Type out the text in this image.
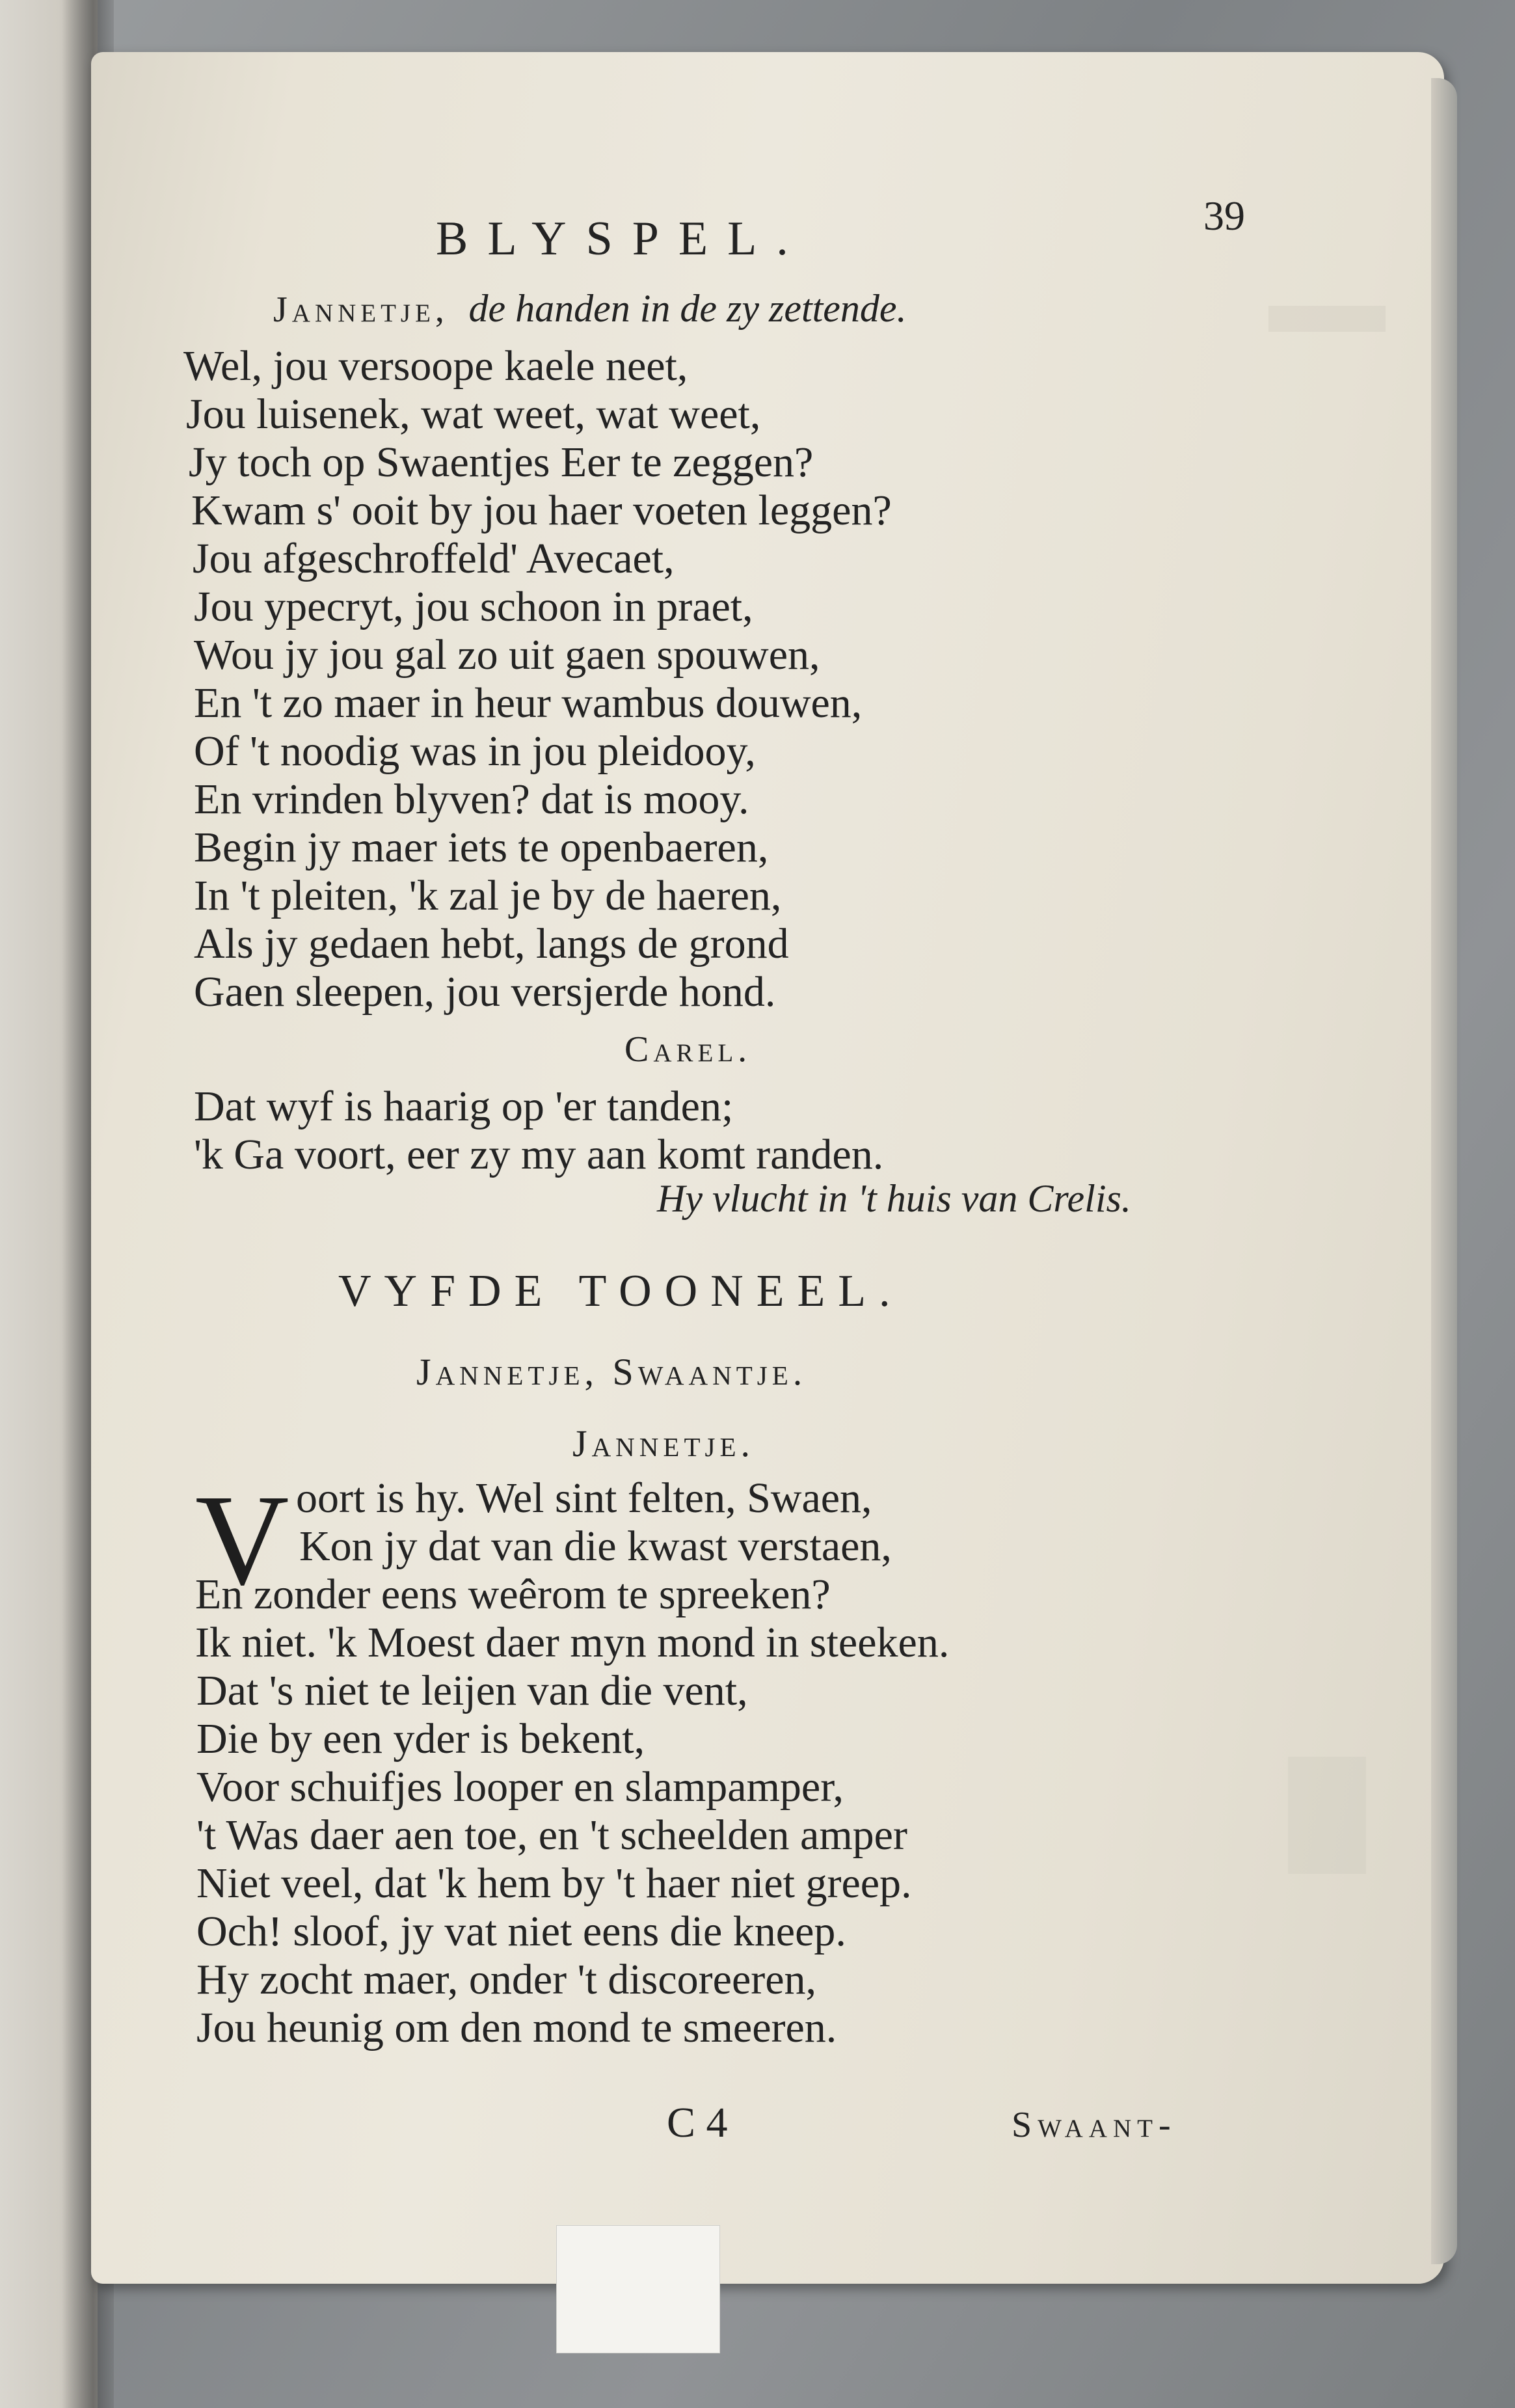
BLYSPEL.	39
Jannetje, de handen in de zy zettende.
Wel, jou versoope kaele neet,
Jou luisenek, wat weet, wat weet,
Jy toch op Swaentjes Eer te zeggen?
Kwam s' ooit by jou haer voeten leggen?
Jou afgeschroffeld' Avecaet,
Jou ypecryt, jou schoon in praet,
Wou jy jou gal zo uit gaen spouwen,
En 't zo maer in heur wambus douwen,
Of 't noodig was in jou pleidooy,
En vrinden blyven? dat is mooy.
Begin jy maer iets te openbaeren,
In 't pleiten, 'k zal je by de haeren,
Als jy gedaen hebt, langs de grond
Gaen sleepen, jou versjerde hond.
Carel.
Dat wyf is haarig op 'er tanden;
'k Ga voort, eer zy my aan komt randen.
Hy vlucht in 't huis van Crelis.
VYFDE TOONEEL.
Jannetje, Swaantje.
Jannetje.
V oort is hy. Wel sint felten, Swaen,
Kon jy dat van die kwast verstaen,
En zonder eens weêrom te spreeken?
Ik niet. 'k Moest daer myn mond in steeken.
Dat 's niet te leijen van die vent,
Die by een yder is bekent,
Voor schuifjes looper en slampamper,
't Was daer aen toe, en 't scheelden amper
Niet veel, dat 'k hem by 't haer niet greep.
Och! sloof, jy vat niet eens die kneep.
Hy zocht maer, onder 't discoreeren,
Jou heunig om den mond te smeeren.
C 4	Swaant-
